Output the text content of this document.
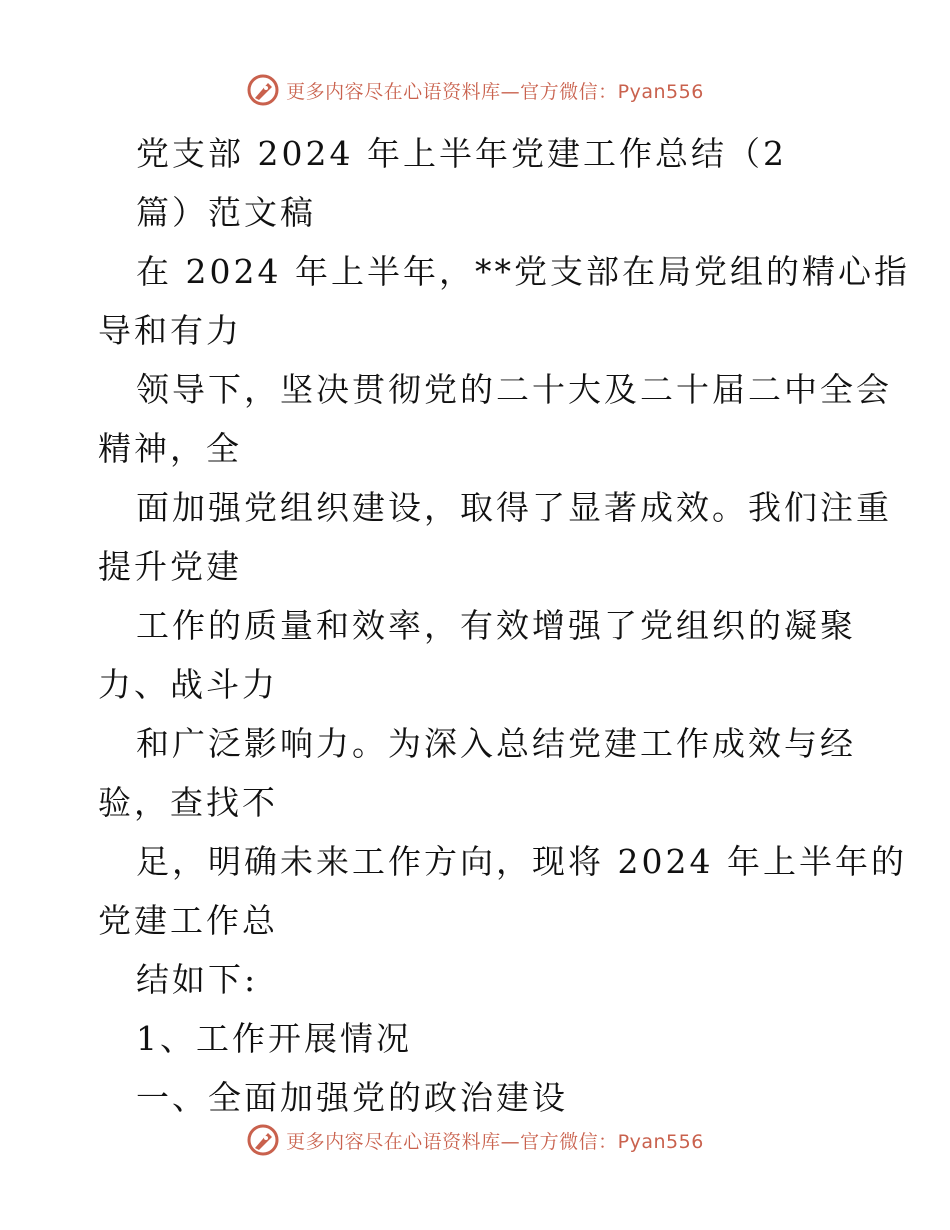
更多内容尽在心语资料库—官方微信：Pyan556
党支部 2024 年上半年党建工作总结（2
篇）范文稿
在 2024 年上半年，**党支部在局党组的精心指
导和有力
领导下，坚决贯彻党的二十大及二十届二中全会
精神，全
面加强党组织建设，取得了显著成效。我们注重
提升党建
工作的质量和效率，有效增强了党组织的凝聚
力、战斗力
和广泛影响力。为深入总结党建工作成效与经
验，查找不
足，明确未来工作方向，现将 2024 年上半年的
党建工作总
结如下:
1、工作开展情况
一、全面加强党的政治建设
更多内容尽在心语资料库—官方微信：Pyan556
